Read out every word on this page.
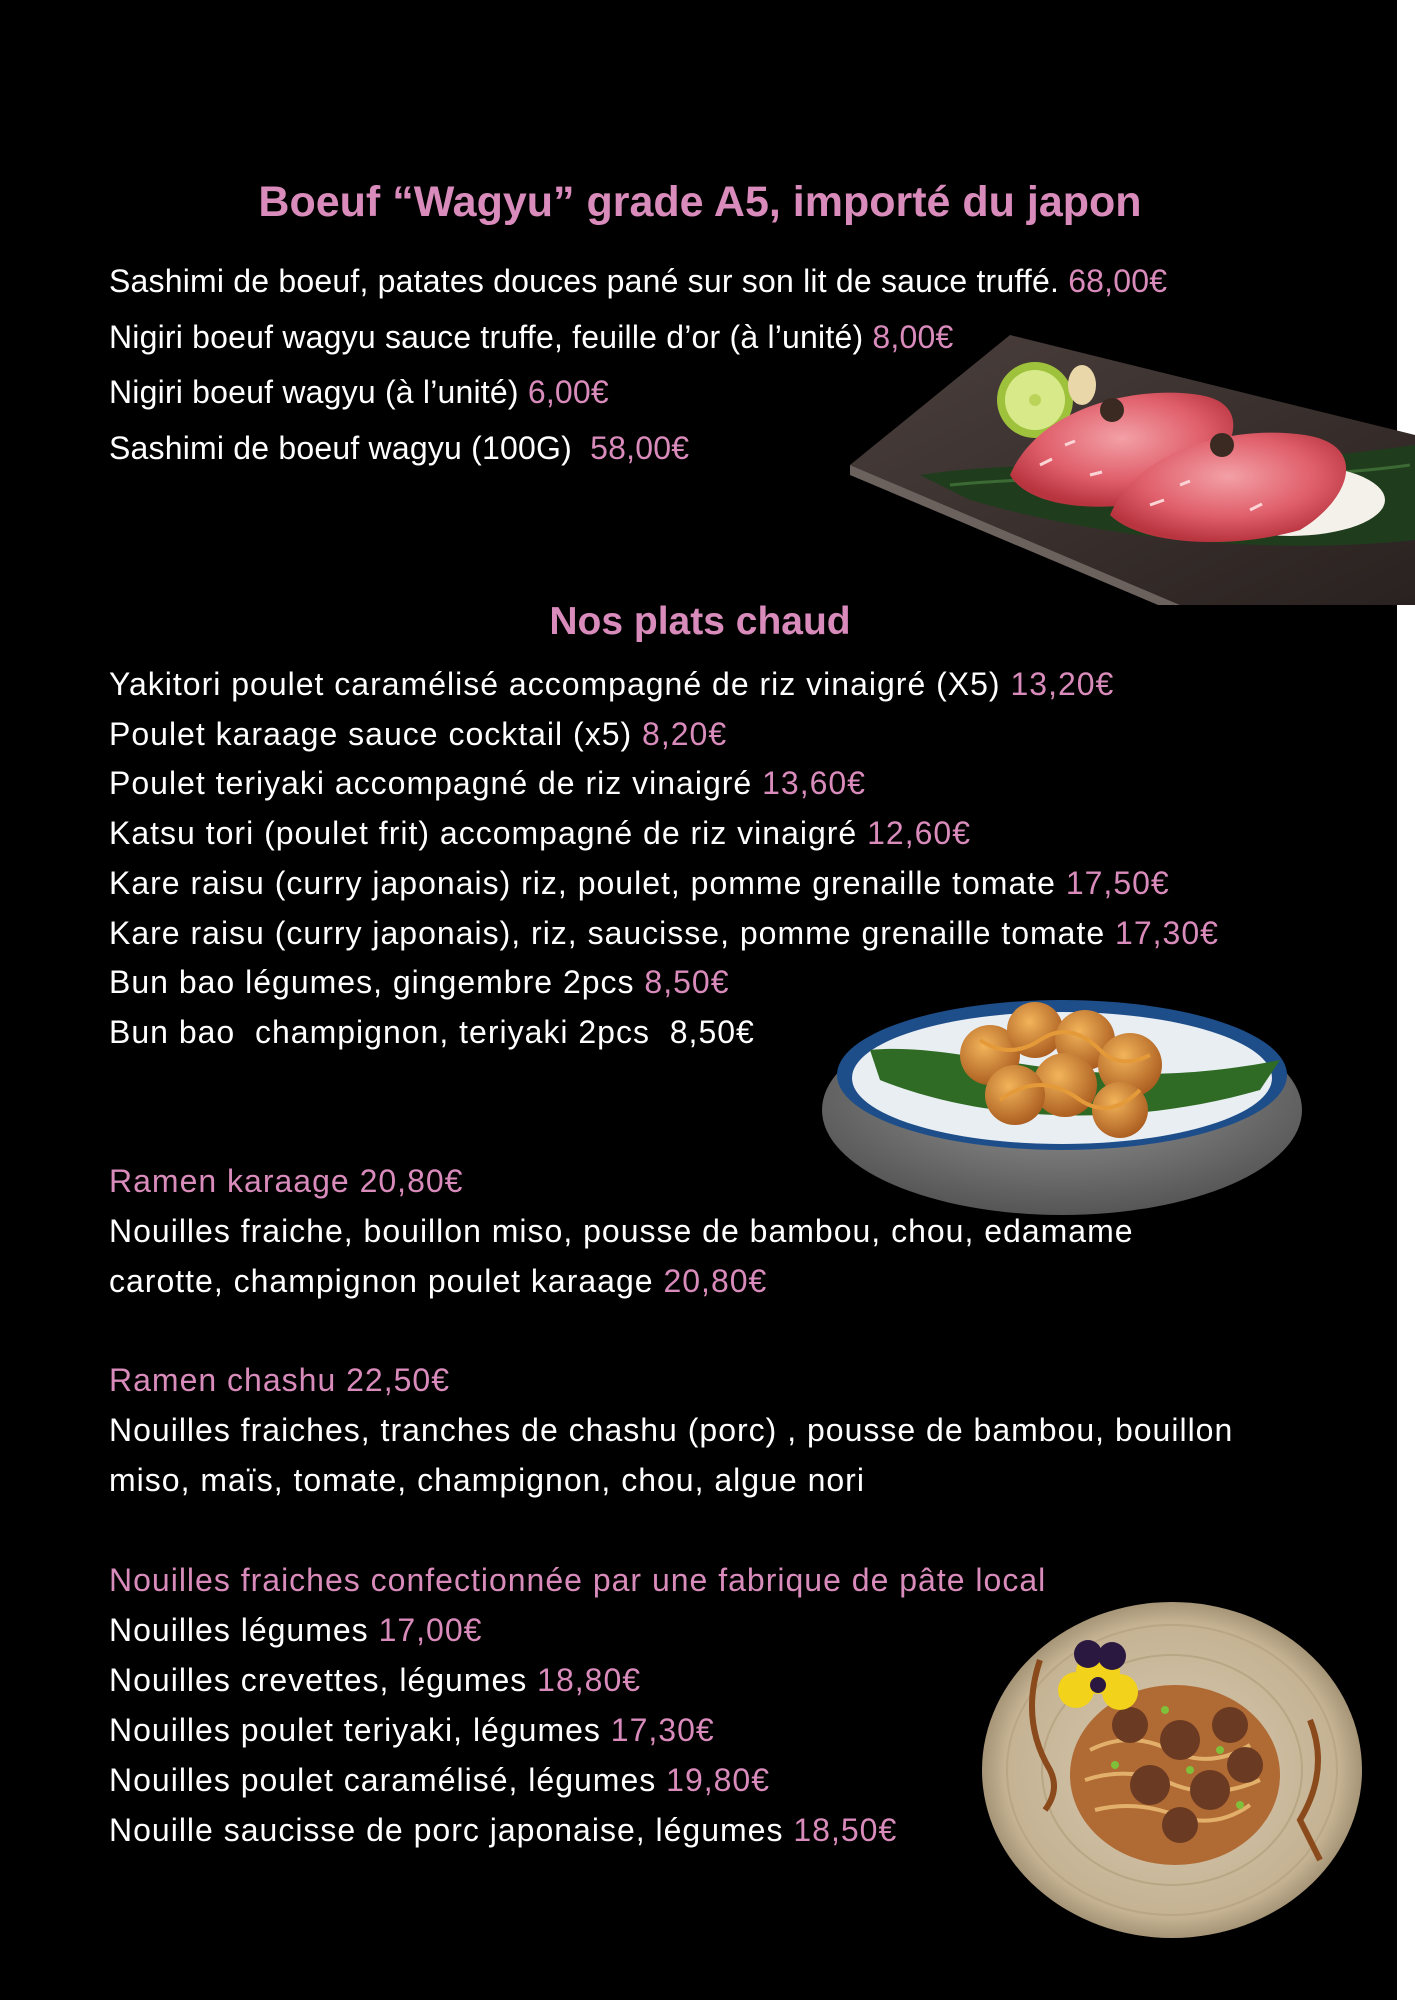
Boeuf “Wagyu” grade A5, importé du japon

Sashimi de boeuf, patates douces pané sur son lit de sauce truffé. 68,00€

Nigiri boeuf wagyu sauce truffe, feuille d’or (à l’unité) 8,00€

Nigiri boeuf wagyu (à l’unité) 6,00€

Sashimi de boeuf wagyu (100G)  58,00€

Nos plats chaud

Yakitori poulet caramélisé accompagné de riz vinaigré (X5) 13,20€

Poulet karaage sauce cocktail (x5) 8,20€

Poulet teriyaki accompagné de riz vinaigré 13,60€

Katsu tori (poulet frit) accompagné de riz vinaigré 12,60€

Kare raisu (curry japonais) riz, poulet, pomme grenaille tomate 17,50€

Kare raisu (curry japonais), riz, saucisse, pomme grenaille tomate 17,30€

Bun bao légumes, gingembre 2pcs 8,50€

Bun bao  champignon, teriyaki 2pcs  8,50€

Ramen karaage 20,80€

Nouilles fraiche, bouillon miso, pousse de bambou, chou, edamame

carotte, champignon poulet karaage 20,80€

Ramen chashu 22,50€

Nouilles fraiches, tranches de chashu (porc) , pousse de bambou, bouillon

miso, maïs, tomate, champignon, chou, algue nori

Nouilles fraiches confectionnée par une fabrique de pâte local

Nouilles légumes 17,00€

Nouilles crevettes, légumes 18,80€

Nouilles poulet teriyaki, légumes 17,30€

Nouilles poulet caramélisé, légumes 19,80€

Nouille saucisse de porc japonaise, légumes 18,50€
